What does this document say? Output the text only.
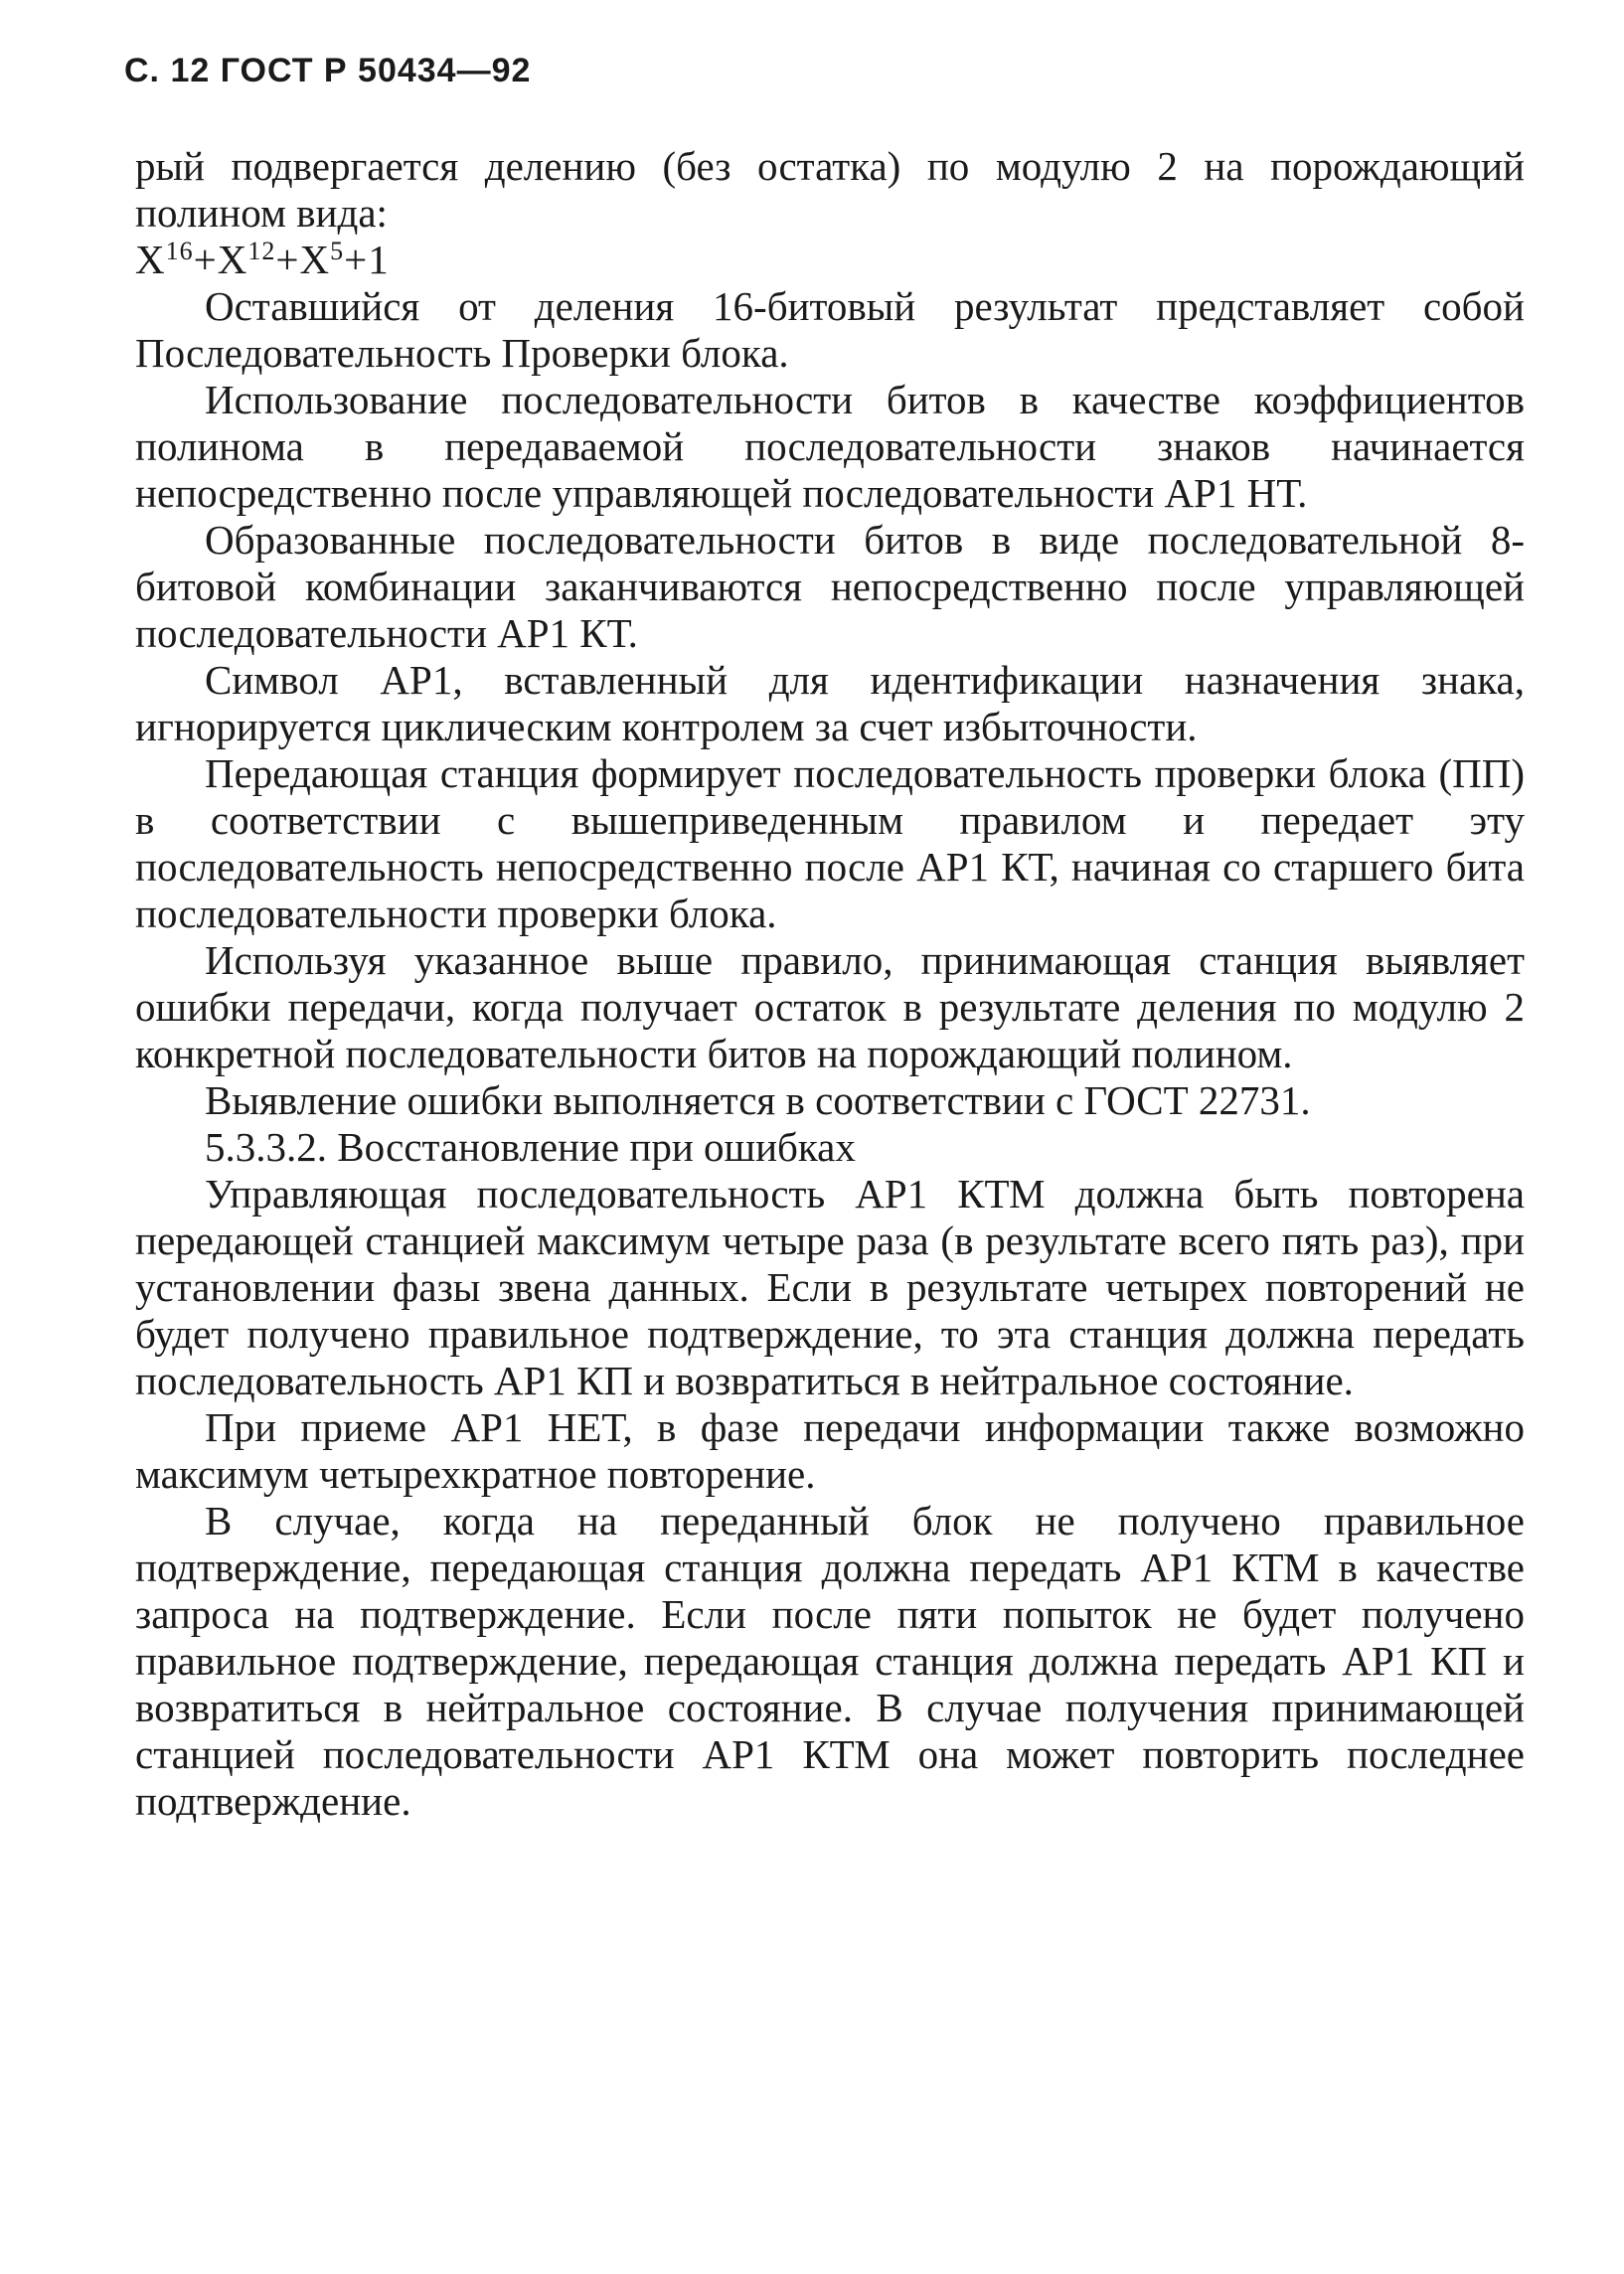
С. 12 ГОСТ Р 50434—92

рый подвергается делению (без остатка) по модулю 2 на порождающий полином вида:

$X^{16}+X^{12}+X^5+1$

Оставшийся от деления 16-битовый результат представляет собой Последовательность Проверки блока.

Использование последовательности битов в качестве коэффициентов полинома в передаваемой последовательности знаков начинается непосредственно после управляющей последовательности АР1 НТ.

Образованные последовательности битов в виде последовательной 8-битовой комбинации заканчиваются непосредственно после управляющей последовательности АР1 КТ.

Символ АР1, вставленный для идентификации назначения знака, игнорируется циклическим контролем за счет избыточности.

Передающая станция формирует последовательность проверки блока (ПП) в соответствии с вышеприведенным правилом и передает эту последовательность непосредственно после АР1 КТ, начиная со старшего бита последовательности проверки блока.

Используя указанное выше правило, принимающая станция выявляет ошибки передачи, когда получает остаток в результате деления по модулю 2 конкретной последовательности битов на порождающий полином.

Выявление ошибки выполняется в соответствии с ГОСТ 22731.

5.3.3.2. Восстановление при ошибках

Управляющая последовательность АР1 КТМ должна быть повторена передающей станцией максимум четыре раза (в результате всего пять раз), при установлении фазы звена данных. Если в результате четырех повторений не будет получено правильное подтверждение, то эта станция должна передать последовательность АР1 КП и возвратиться в нейтральное состояние.

При приеме АР1 НЕТ, в фазе передачи информации также возможно максимум четырехкратное повторение.

В случае, когда на переданный блок не получено правильное подтверждение, передающая станция должна передать АР1 КТМ в качестве запроса на подтверждение. Если после пяти попыток не будет получено правильное подтверждение, передающая станция должна передать АР1 КП и возвратиться в нейтральное состояние. В случае получения принимающей станцией последовательности АР1 КТМ она может повторить последнее подтверждение.
